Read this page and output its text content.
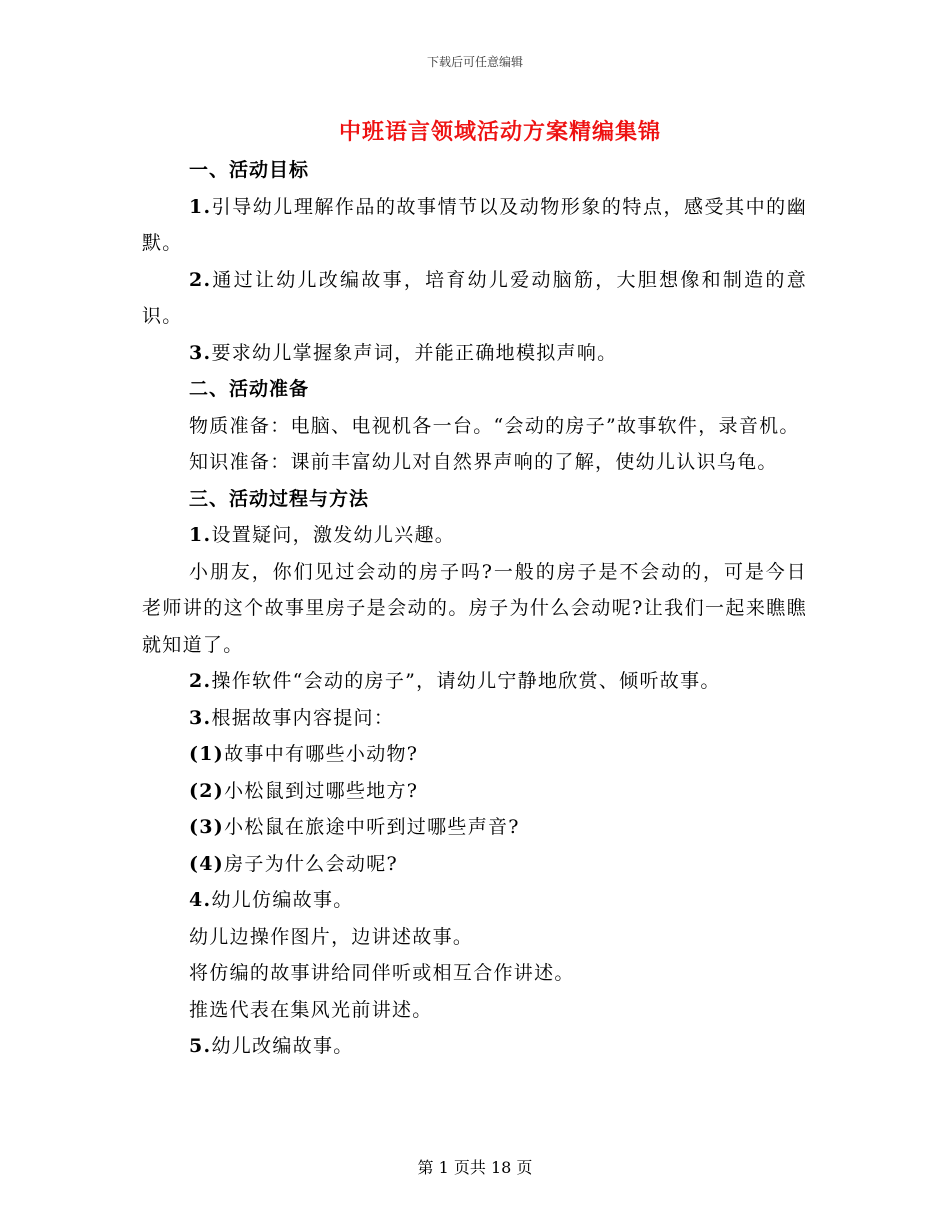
下载后可任意编辑
中班语言领域活动方案精编集锦

一、活动目标

1.引导幼儿理解作品的故事情节以及动物形象的特点，感受其中的幽默。

2.通过让幼儿改编故事，培育幼儿爱动脑筋，大胆想像和制造的意识。

3.要求幼儿掌握象声词，并能正确地模拟声响。

二、活动准备

物质准备：电脑、电视机各一台。“会动的房子”故事软件，录音机。

知识准备：课前丰富幼儿对自然界声响的了解，使幼儿认识乌龟。

三、活动过程与方法

1.设置疑问，激发幼儿兴趣。

小朋友，你们见过会动的房子吗?一般的房子是不会动的，可是今日老师讲的这个故事里房子是会动的。房子为什么会动呢?让我们一起来瞧瞧就知道了。

2.操作软件“会动的房子”，请幼儿宁静地欣赏、倾听故事。

3.根据故事内容提问：

(1)故事中有哪些小动物?

(2)小松鼠到过哪些地方?

(3)小松鼠在旅途中听到过哪些声音?

(4)房子为什么会动呢?

4.幼儿仿编故事。

幼儿边操作图片，边讲述故事。

将仿编的故事讲给同伴听或相互合作讲述。

推选代表在集风光前讲述。

5.幼儿改编故事。

第 1 页共 18 页
